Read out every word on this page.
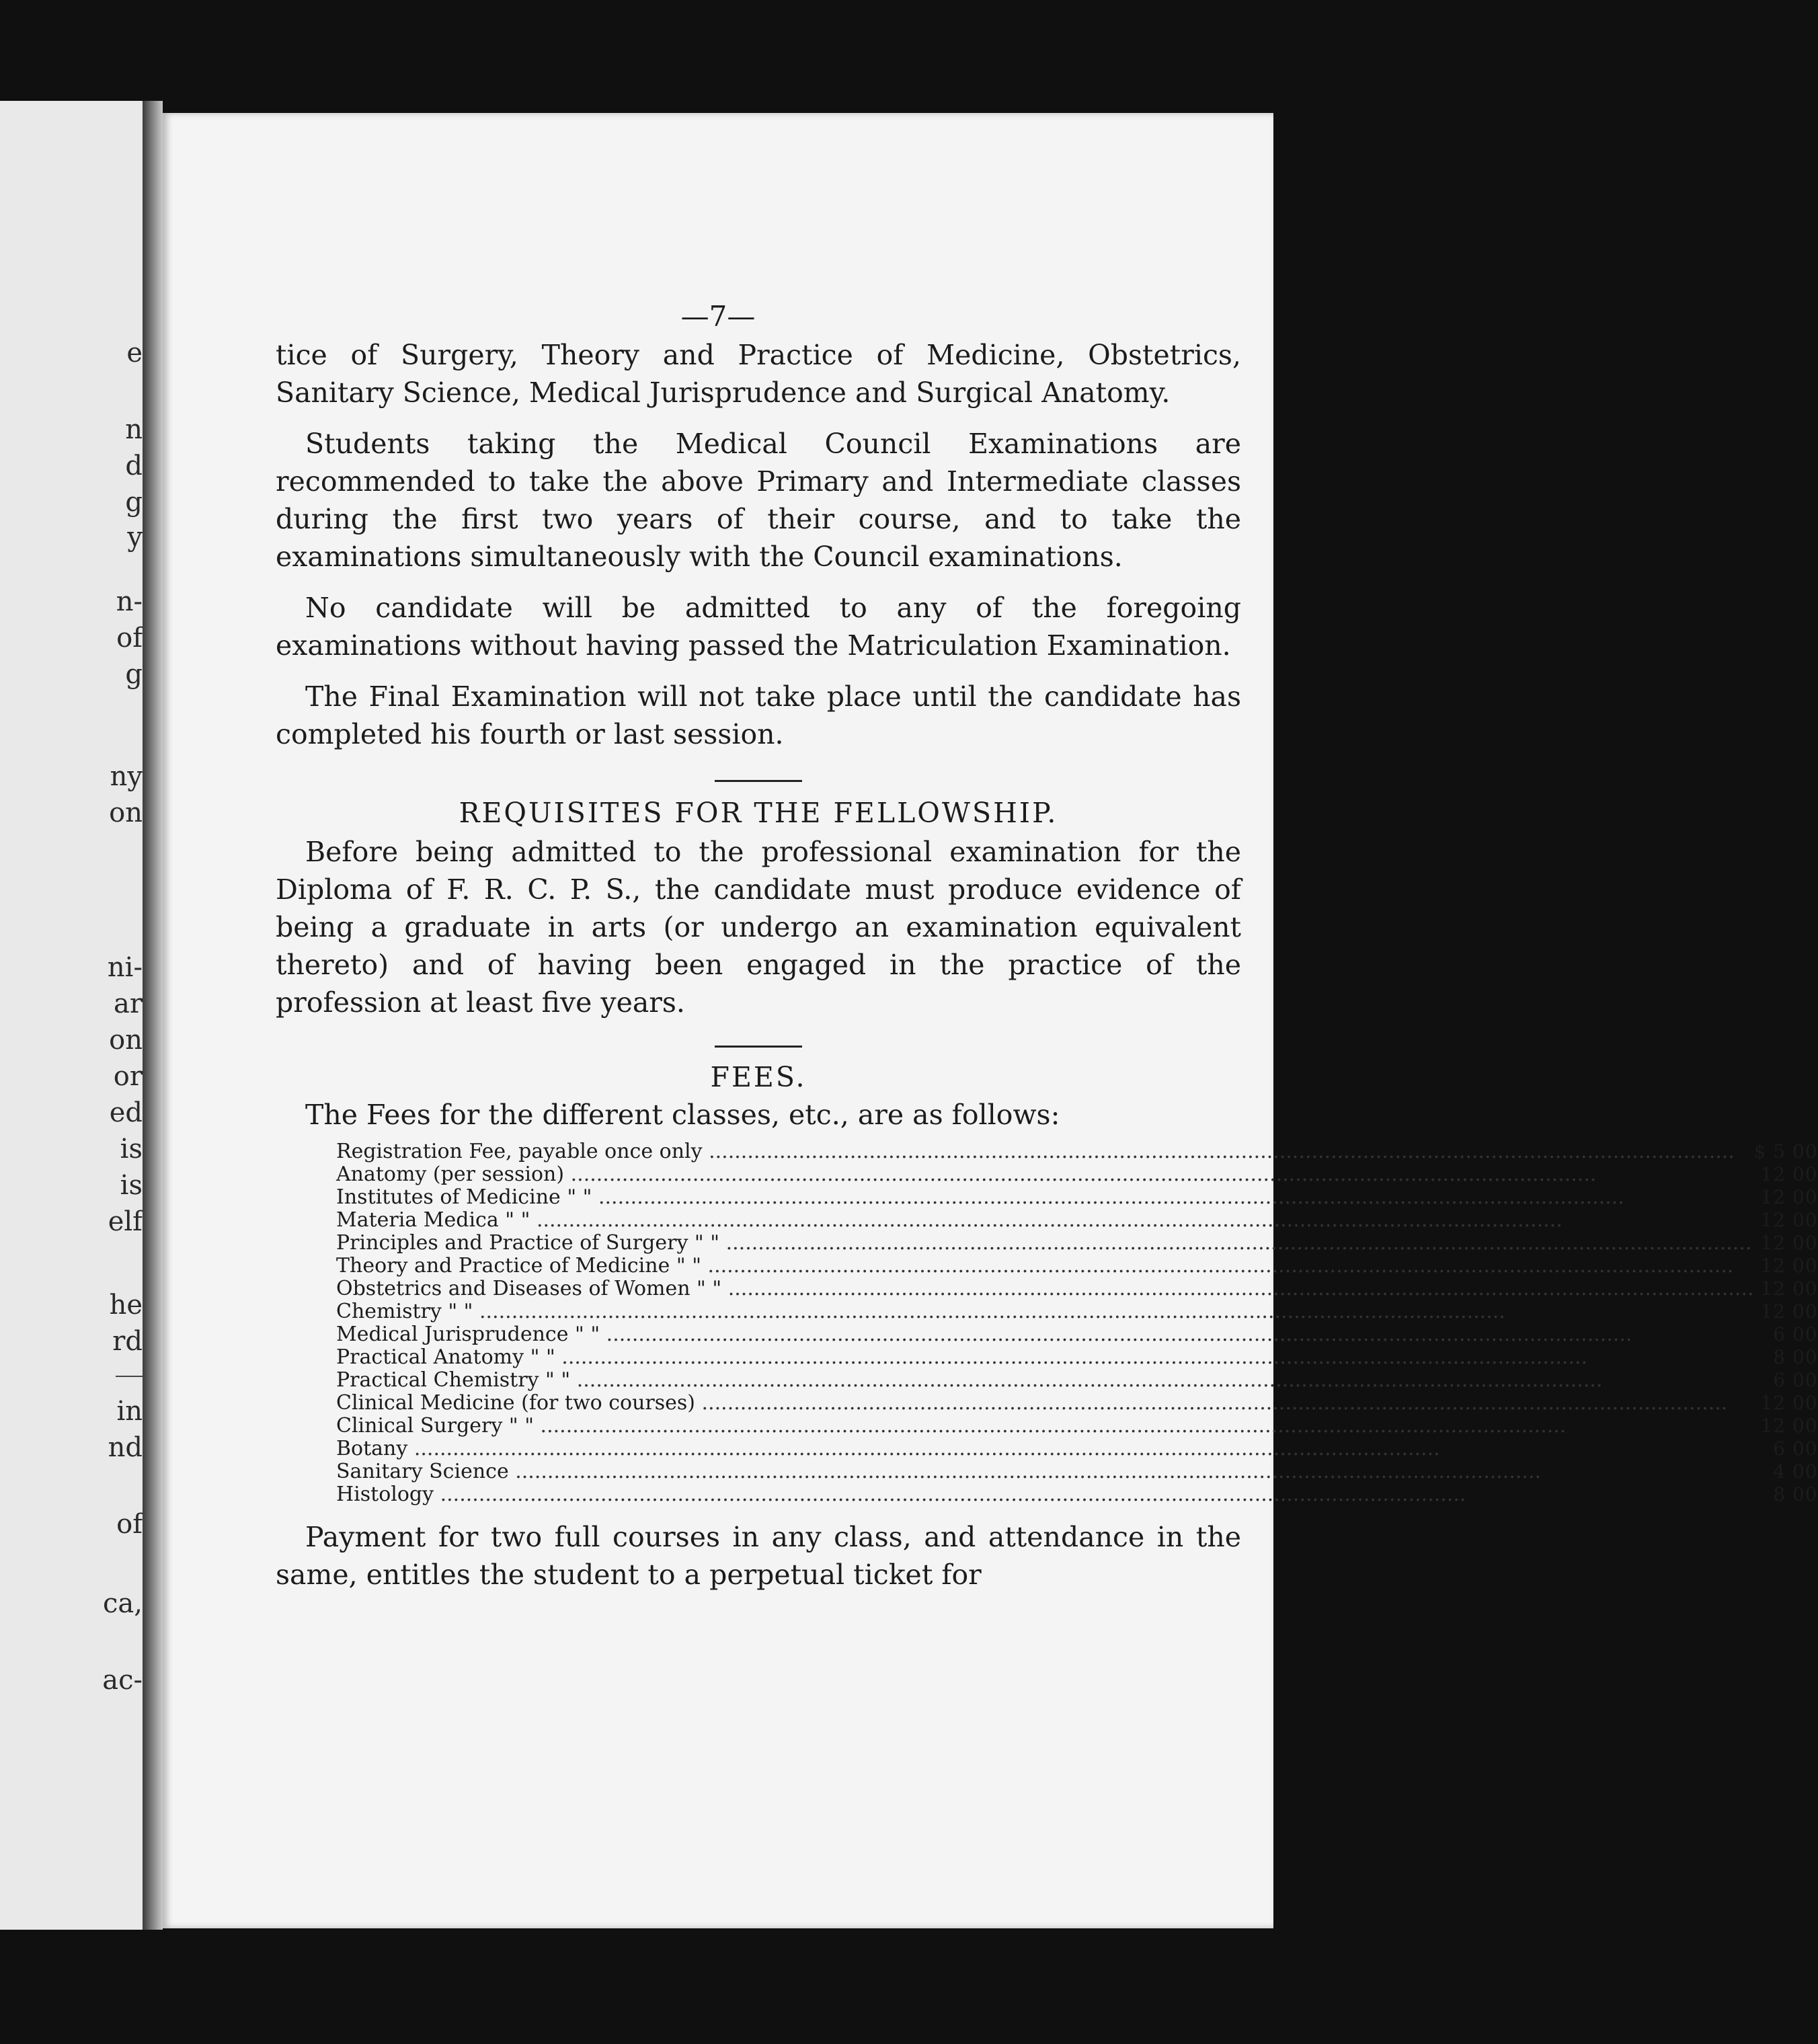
e
n
d
g
y
n-
of
g
ny
on
ni-
ar
on
or
ed
is
is
elf
he
rd
in
nd
of
ca,
ac-
—7—

tice of Surgery, Theory and Practice of Medicine, Obstetrics, Sanitary Science, Medical Jurisprudence and Surgical Anatomy.

Students taking the Medical Council Examinations are recommended to take the above Primary and Intermediate classes during the first two years of their course, and to take the examinations simultaneously with the Council examinations.

No candidate will be admitted to any of the foregoing examinations without having passed the Matriculation Examination.

The Final Examination will not take place until the candidate has completed his fourth or last session.

REQUISITES FOR THE FELLOWSHIP.

Before being admitted to the professional examination for the Diploma of F. R. C. P. S., the candidate must produce evidence of being a graduate in arts (or undergo an examination equivalent thereto) and of having been engaged in the practice of the profession at least five years.

FEES.

The Fees for the different classes, etc., are as follows:

Registration Fee, payable once only .....	$ 5 00

Anatomy (per session) .....	12 00

Institutes of Medicine " " .....	12 00

Materia Medica " " .....	12 00

Principles and Practice of Surgery " " .....	12 00

Theory and Practice of Medicine " " .....	12 00

Obstetrics and Diseases of Women " " .....	12 00

Chemistry " " .....	12 00

Medical Jurisprudence " " .....	6 00

Practical Anatomy " " .....	8 00

Practical Chemistry " " .....	6 00

Clinical Medicine (for two courses) .....	12 00

Clinical Surgery " " .....	12 00

Botany .....	6 00

Sanitary Science .....	4 00

Histology .....	8 00

Payment for two full courses in any class, and attendance in the same, entitles the student to a perpetual ticket for
